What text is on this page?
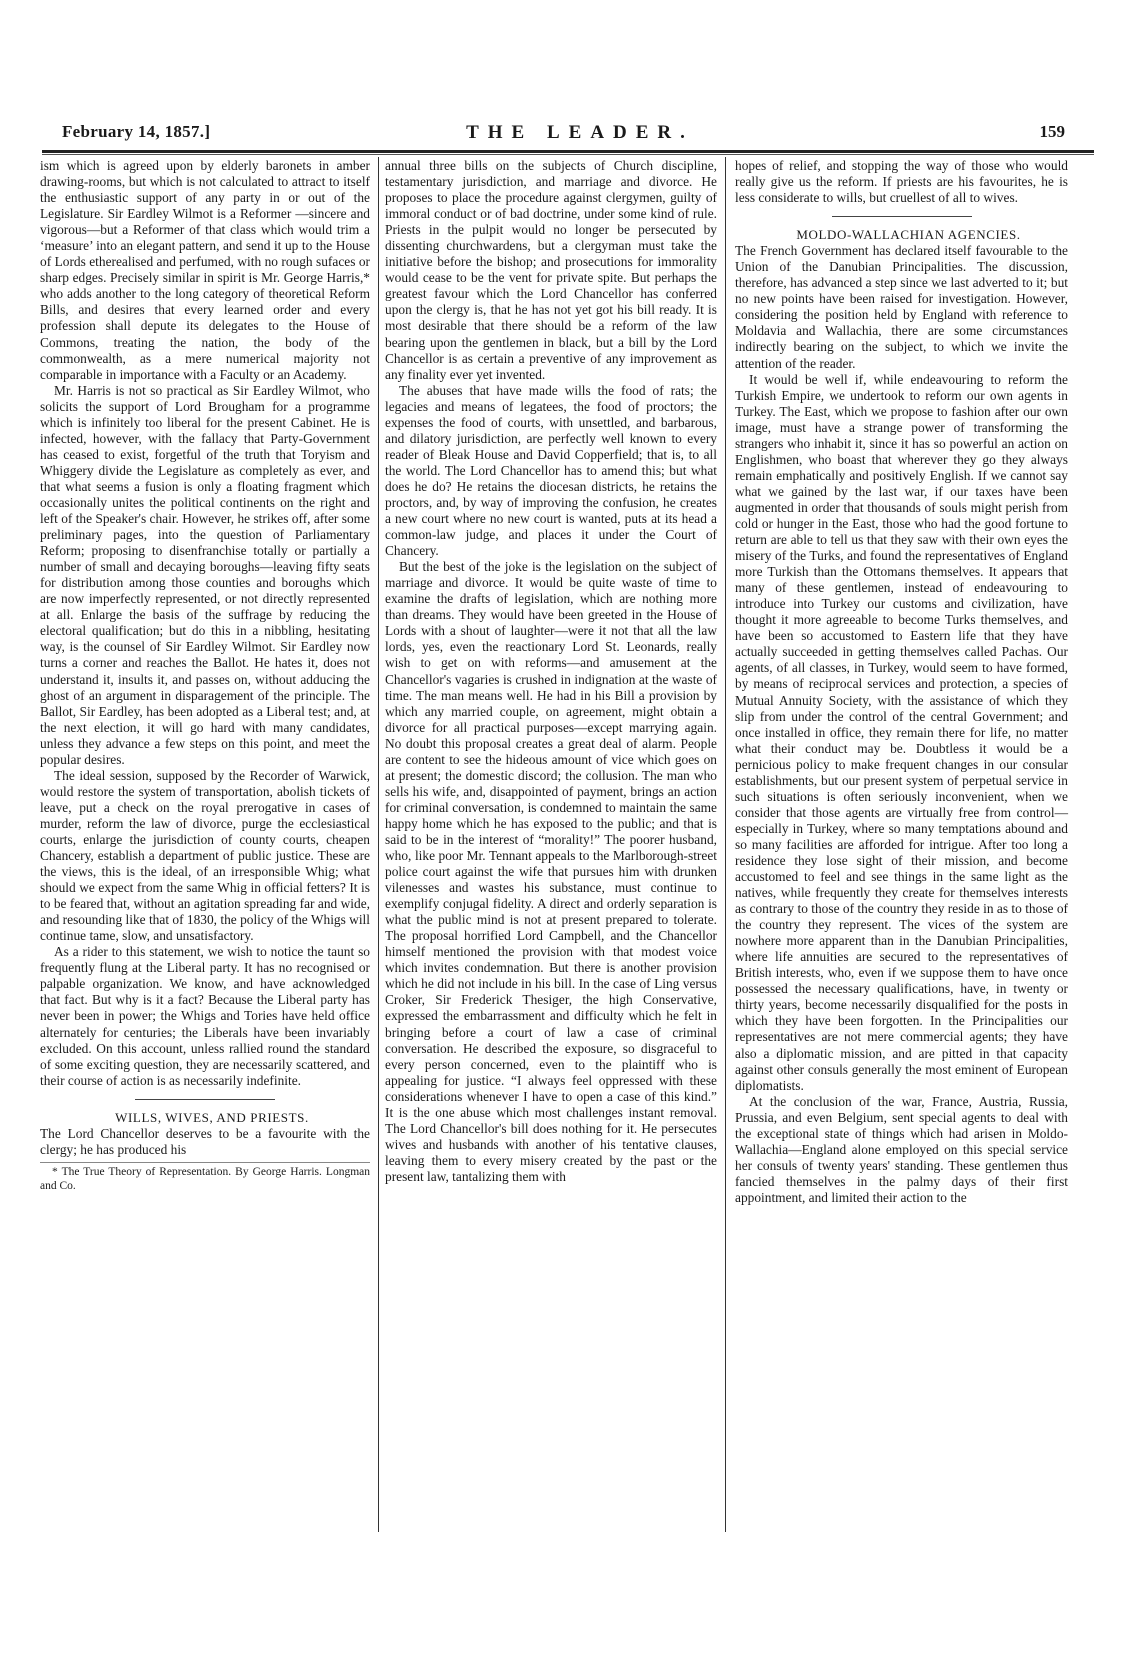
February 14, 1857.]	THE LEADER.	159

ism which is agreed upon by elderly baronets in amber drawing-rooms, but which is not calculated to attract to itself the enthusiastic support of any party in or out of the Legislature. Sir Eardley Wilmot is a Reformer —sincere and vigorous—but a Reformer of that class which would trim a ‘measure’ into an elegant pattern, and send it up to the House of Lords etherealised and perfumed, with no rough sufaces or sharp edges. Precisely similar in spirit is Mr. George Harris,* who adds another to the long category of theoretical Reform Bills, and desires that every learned order and every profession shall depute its delegates to the House of Commons, treating the nation, the body of the commonwealth, as a mere numerical majority not comparable in importance with a Faculty or an Academy.

Mr. Harris is not so practical as Sir Eardley Wilmot, who solicits the support of Lord Brougham for a programme which is infinitely too liberal for the present Cabinet. He is infected, however, with the fallacy that Party-Government has ceased to exist, forgetful of the truth that Toryism and Whiggery divide the Legislature as completely as ever, and that what seems a fusion is only a floating fragment which occasionally unites the political continents on the right and left of the Speaker's chair. However, he strikes off, after some preliminary pages, into the question of Parliamentary Reform; proposing to disenfranchise totally or partially a number of small and decaying boroughs—leaving fifty seats for distribution among those counties and boroughs which are now imperfectly represented, or not directly represented at all. Enlarge the basis of the suffrage by reducing the electoral qualification; but do this in a nibbling, hesitating way, is the counsel of Sir Eardley Wilmot. Sir Eardley now turns a corner and reaches the Ballot. He hates it, does not understand it, insults it, and passes on, without adducing the ghost of an argument in disparagement of the principle. The Ballot, Sir Eardley, has been adopted as a Liberal test; and, at the next election, it will go hard with many candidates, unless they advance a few steps on this point, and meet the popular desires.

The ideal session, supposed by the Recorder of Warwick, would restore the system of transportation, abolish tickets of leave, put a check on the royal prerogative in cases of murder, reform the law of divorce, purge the ecclesiastical courts, enlarge the jurisdiction of county courts, cheapen Chancery, establish a department of public justice. These are the views, this is the ideal, of an irresponsible Whig; what should we expect from the same Whig in official fetters? It is to be feared that, without an agitation spreading far and wide, and resounding like that of 1830, the policy of the Whigs will continue tame, slow, and unsatisfactory.

As a rider to this statement, we wish to notice the taunt so frequently flung at the Liberal party. It has no recognised or palpable organization. We know, and have acknowledged that fact. But why is it a fact? Because the Liberal party has never been in power; the Whigs and Tories have held office alternately for centuries; the Liberals have been invariably excluded. On this account, unless rallied round the standard of some exciting question, they are necessarily scattered, and their course of action is as necessarily indefinite.

WILLS, WIVES, AND PRIESTS.

The Lord Chancellor deserves to be a favourite with the clergy; he has produced his

* The True Theory of Representation. By George Harris. Longman and Co.

annual three bills on the subjects of Church discipline, testamentary jurisdiction, and marriage and divorce. He proposes to place the procedure against clergymen, guilty of immoral conduct or of bad doctrine, under some kind of rule. Priests in the pulpit would no longer be persecuted by dissenting churchwardens, but a clergyman must take the initiative before the bishop; and prosecutions for immorality would cease to be the vent for private spite. But perhaps the greatest favour which the Lord Chancellor has conferred upon the clergy is, that he has not yet got his bill ready. It is most desirable that there should be a reform of the law bearing upon the gentlemen in black, but a bill by the Lord Chancellor is as certain a preventive of any improvement as any finality ever yet invented.

The abuses that have made wills the food of rats; the legacies and means of legatees, the food of proctors; the expenses the food of courts, with unsettled, and barbarous, and dilatory jurisdiction, are perfectly well known to every reader of Bleak House and David Copperfield; that is, to all the world. The Lord Chancellor has to amend this; but what does he do? He retains the diocesan districts, he retains the proctors, and, by way of improving the confusion, he creates a new court where no new court is wanted, puts at its head a common-law judge, and places it under the Court of Chancery.

But the best of the joke is the legislation on the subject of marriage and divorce. It would be quite waste of time to examine the drafts of legislation, which are nothing more than dreams. They would have been greeted in the House of Lords with a shout of laughter—were it not that all the law lords, yes, even the reactionary Lord St. Leonards, really wish to get on with reforms—and amusement at the Chancellor's vagaries is crushed in indignation at the waste of time. The man means well. He had in his Bill a provision by which any married couple, on agreement, might obtain a divorce for all practical purposes—except marrying again. No doubt this proposal creates a great deal of alarm. People are content to see the hideous amount of vice which goes on at present; the domestic discord; the collusion. The man who sells his wife, and, disappointed of payment, brings an action for criminal conversation, is condemned to maintain the same happy home which he has exposed to the public; and that is said to be in the interest of “morality!” The poorer husband, who, like poor Mr. Tennant appeals to the Marlborough-street police court against the wife that pursues him with drunken vilenesses and wastes his substance, must continue to exemplify conjugal fidelity. A direct and orderly separation is what the public mind is not at present prepared to tolerate. The proposal horrified Lord Campbell, and the Chancellor himself mentioned the provision with that modest voice which invites condemnation. But there is another provision which he did not include in his bill. In the case of Ling versus Croker, Sir Frederick Thesiger, the high Conservative, expressed the embarrassment and difficulty which he felt in bringing before a court of law a case of criminal conversation. He described the exposure, so disgraceful to every person concerned, even to the plaintiff who is appealing for justice. “I always feel oppressed with these considerations whenever I have to open a case of this kind.” It is the one abuse which most challenges instant removal. The Lord Chancellor's bill does nothing for it. He persecutes wives and husbands with another of his tentative clauses, leaving them to every misery created by the past or the present law, tantalizing them with

hopes of relief, and stopping the way of those who would really give us the reform. If priests are his favourites, he is less considerate to wills, but cruellest of all to wives.

MOLDO-WALLACHIAN AGENCIES.

The French Government has declared itself favourable to the Union of the Danubian Principalities. The discussion, therefore, has advanced a step since we last adverted to it; but no new points have been raised for investigation. However, considering the position held by England with reference to Moldavia and Wallachia, there are some circumstances indirectly bearing on the subject, to which we invite the attention of the reader.

It would be well if, while endeavouring to reform the Turkish Empire, we undertook to reform our own agents in Turkey. The East, which we propose to fashion after our own image, must have a strange power of transforming the strangers who inhabit it, since it has so powerful an action on Englishmen, who boast that wherever they go they always remain emphatically and positively English. If we cannot say what we gained by the last war, if our taxes have been augmented in order that thousands of souls might perish from cold or hunger in the East, those who had the good fortune to return are able to tell us that they saw with their own eyes the misery of the Turks, and found the representatives of England more Turkish than the Ottomans themselves. It appears that many of these gentlemen, instead of endeavouring to introduce into Turkey our customs and civilization, have thought it more agreeable to become Turks themselves, and have been so accustomed to Eastern life that they have actually succeeded in getting themselves called Pachas. Our agents, of all classes, in Turkey, would seem to have formed, by means of reciprocal services and protection, a species of Mutual Annuity Society, with the assistance of which they slip from under the control of the central Government; and once installed in office, they remain there for life, no matter what their conduct may be. Doubtless it would be a pernicious policy to make frequent changes in our consular establishments, but our present system of perpetual service in such situations is often seriously inconvenient, when we consider that those agents are virtually free from control—especially in Turkey, where so many temptations abound and so many facilities are afforded for intrigue. After too long a residence they lose sight of their mission, and become accustomed to feel and see things in the same light as the natives, while frequently they create for themselves interests as contrary to those of the country they reside in as to those of the country they represent. The vices of the system are nowhere more apparent than in the Danubian Principalities, where life annuities are secured to the representatives of British interests, who, even if we suppose them to have once possessed the necessary qualifications, have, in twenty or thirty years, become necessarily disqualified for the posts in which they have been forgotten. In the Principalities our representatives are not mere commercial agents; they have also a diplomatic mission, and are pitted in that capacity against other consuls generally the most eminent of European diplomatists.

At the conclusion of the war, France, Austria, Russia, Prussia, and even Belgium, sent special agents to deal with the exceptional state of things which had arisen in Moldo-Wallachia—England alone employed on this special service her consuls of twenty years' standing. These gentlemen thus fancied themselves in the palmy days of their first appointment, and limited their action to the
